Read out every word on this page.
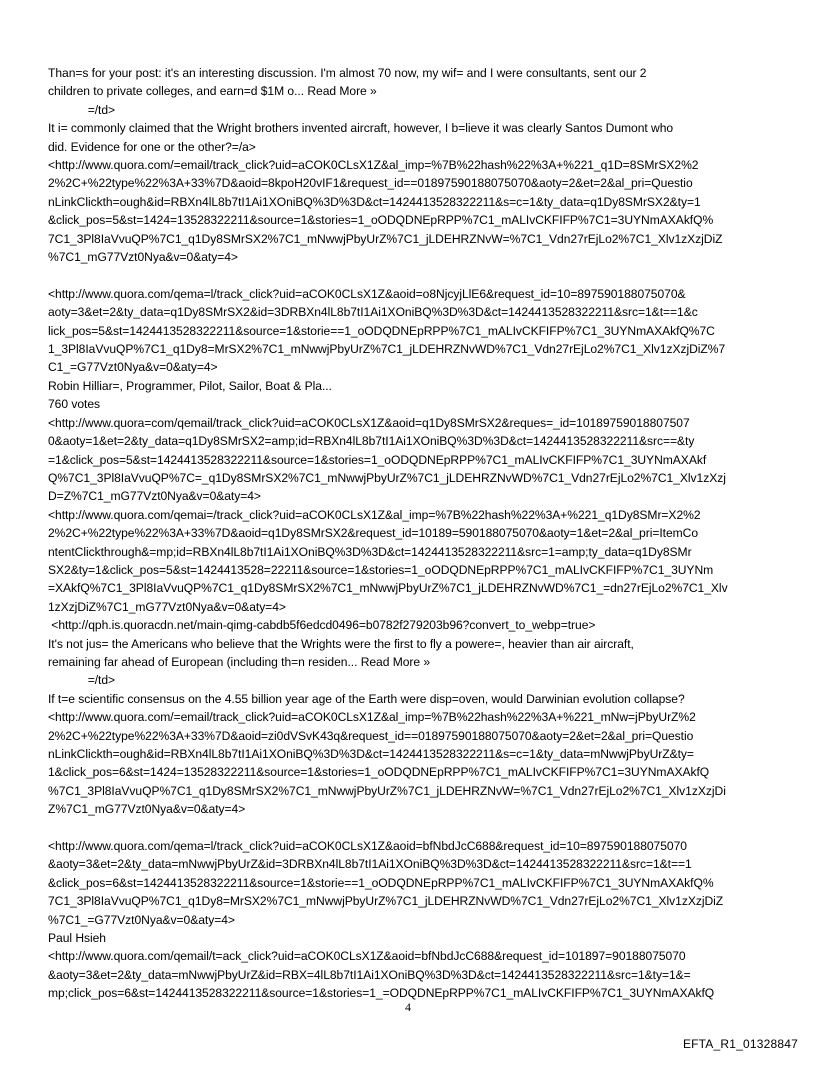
Than=s for your post: it's an interesting discussion. I'm almost 70 now, my wif= and I were consultants, sent our 2
children to private colleges, and earn=d $1M o... Read More »
=/td>
It i= commonly claimed that the Wright brothers invented aircraft, however, I b=lieve it was clearly Santos Dumont who
did. Evidence for one or the other?=/a>
<http://www.quora.com/=email/track_click?uid=aCOK0CLsX1Z&al_imp=%7B%22hash%22%3A+%221_q1D=8SMrSX2%2
2%2C+%22type%22%3A+33%7D&aoid=8kpoH20vIF1&request_id==01897590188075070&aoty=2&et=2&al_pri=Questio
nLinkClickth=ough&id=RBXn4lL8b7tI1Ai1XOniBQ%3D%3D&ct=1424413528322211&s=c=1&ty_data=q1Dy8SMrSX2&ty=1
&click_pos=5&st=1424=13528322211&source=1&stories=1_oODQDNEpRPP%7C1_mALIvCKFIFP%7C1=3UYNmAXAkfQ%
7C1_3Pl8IaVvuQP%7C1_q1Dy8SMrSX2%7C1_mNwwjPbyUrZ%7C1_jLDEHRZNvW=%7C1_Vdn27rEjLo2%7C1_Xlv1zXzjDiZ
%7C1_mG77Vzt0Nya&v=0&aty=4>
<http://www.quora.com/qema=l/track_click?uid=aCOK0CLsX1Z&aoid=o8NjcyjLlE6&request_id=10=897590188075070&
aoty=3&et=2&ty_data=q1Dy8SMrSX2&id=3DRBXn4lL8b7tI1Ai1XOniBQ%3D%3D&ct=1424413528322211&src=1&t==1&c
lick_pos=5&st=1424413528322211&source=1&storie==1_oODQDNEpRPP%7C1_mALIvCKFIFP%7C1_3UYNmAXAkfQ%7C
1_3Pl8IaVvuQP%7C1_q1Dy8=MrSX2%7C1_mNwwjPbyUrZ%7C1_jLDEHRZNvWD%7C1_Vdn27rEjLo2%7C1_Xlv1zXzjDiZ%7
C1_=G77Vzt0Nya&v=0&aty=4>
Robin Hilliar=, Programmer, Pilot, Sailor, Boat & Pla...
760 votes
<http://www.quora=com/qemail/track_click?uid=aCOK0CLsX1Z&aoid=q1Dy8SMrSX2&reques=_id=10189759018807507
0&aoty=1&et=2&ty_data=q1Dy8SMrSX2=amp;id=RBXn4lL8b7tI1Ai1XOniBQ%3D%3D&ct=1424413528322211&src==&ty
=1&click_pos=5&st=1424413528322211&source=1&stories=1_oODQDNEpRPP%7C1_mALIvCKFIFP%7C1_3UYNmAXAkf
Q%7C1_3Pl8IaVvuQP%7C=_q1Dy8SMrSX2%7C1_mNwwjPbyUrZ%7C1_jLDEHRZNvWD%7C1_Vdn27rEjLo2%7C1_Xlv1zXzj
D=Z%7C1_mG77Vzt0Nya&v=0&aty=4>
<http://www.quora.com/qemai=/track_click?uid=aCOK0CLsX1Z&al_imp=%7B%22hash%22%3A+%221_q1Dy8SMr=X2%2
2%2C+%22type%22%3A+33%7D&aoid=q1Dy8SMrSX2&request_id=10189=590188075070&aoty=1&et=2&al_pri=ItemCo
ntentClickthrough&=mp;id=RBXn4lL8b7tI1Ai1XOniBQ%3D%3D&ct=1424413528322211&src=1=amp;ty_data=q1Dy8SMr
SX2&ty=1&click_pos=5&st=1424413528=22211&source=1&stories=1_oODQDNEpRPP%7C1_mALIvCKFIFP%7C1_3UYNm
=XAkfQ%7C1_3Pl8IaVvuQP%7C1_q1Dy8SMrSX2%7C1_mNwwjPbyUrZ%7C1_jLDEHRZNvWD%7C1_=dn27rEjLo2%7C1_Xlv
1zXzjDiZ%7C1_mG77Vzt0Nya&v=0&aty=4>
<http://qph.is.quoracdn.net/main-qimg-cabdb5f6edcd0496=b0782f279203b96?convert_to_webp=true>
It's not jus= the Americans who believe that the Wrights were the first to fly a powere=, heavier than air aircraft,
remaining far ahead of European (including th=n residen... Read More »
=/td>
If t=e scientific consensus on the 4.55 billion year age of the Earth were disp=oven, would Darwinian evolution collapse?
<http://www.quora.com/=email/track_click?uid=aCOK0CLsX1Z&al_imp=%7B%22hash%22%3A+%221_mNw=jPbyUrZ%2
2%2C+%22type%22%3A+33%7D&aoid=zi0dVSvK43q&request_id==01897590188075070&aoty=2&et=2&al_pri=Questio
nLinkClickth=ough&id=RBXn4lL8b7tI1Ai1XOniBQ%3D%3D&ct=1424413528322211&s=c=1&ty_data=mNwwjPbyUrZ&ty=
1&click_pos=6&st=1424=13528322211&source=1&stories=1_oODQDNEpRPP%7C1_mALIvCKFIFP%7C1=3UYNmAXAkfQ
%7C1_3Pl8IaVvuQP%7C1_q1Dy8SMrSX2%7C1_mNwwjPbyUrZ%7C1_jLDEHRZNvW=%7C1_Vdn27rEjLo2%7C1_Xlv1zXzjDi
Z%7C1_mG77Vzt0Nya&v=0&aty=4>
<http://www.quora.com/qema=l/track_click?uid=aCOK0CLsX1Z&aoid=bfNbdJcC688&request_id=10=897590188075070
&aoty=3&et=2&ty_data=mNwwjPbyUrZ&id=3DRBXn4lL8b7tI1Ai1XOniBQ%3D%3D&ct=1424413528322211&src=1&t==1
&click_pos=6&st=1424413528322211&source=1&storie==1_oODQDNEpRPP%7C1_mALIvCKFIFP%7C1_3UYNmAXAkfQ%
7C1_3Pl8IaVvuQP%7C1_q1Dy8=MrSX2%7C1_mNwwjPbyUrZ%7C1_jLDEHRZNvWD%7C1_Vdn27rEjLo2%7C1_Xlv1zXzjDiZ
%7C1_=G77Vzt0Nya&v=0&aty=4>
Paul Hsieh
<http://www.quora.com/qemail/t=ack_click?uid=aCOK0CLsX1Z&aoid=bfNbdJcC688&request_id=101897=90188075070
&aoty=3&et=2&ty_data=mNwwjPbyUrZ&id=RBX=4lL8b7tI1Ai1XOniBQ%3D%3D&ct=1424413528322211&src=1&ty=1&=
mp;click_pos=6&st=1424413528322211&source=1&stories=1_=ODQDNEpRPP%7C1_mALIvCKFIFP%7C1_3UYNmAXAkfQ
4
EFTA_R1_01328847
